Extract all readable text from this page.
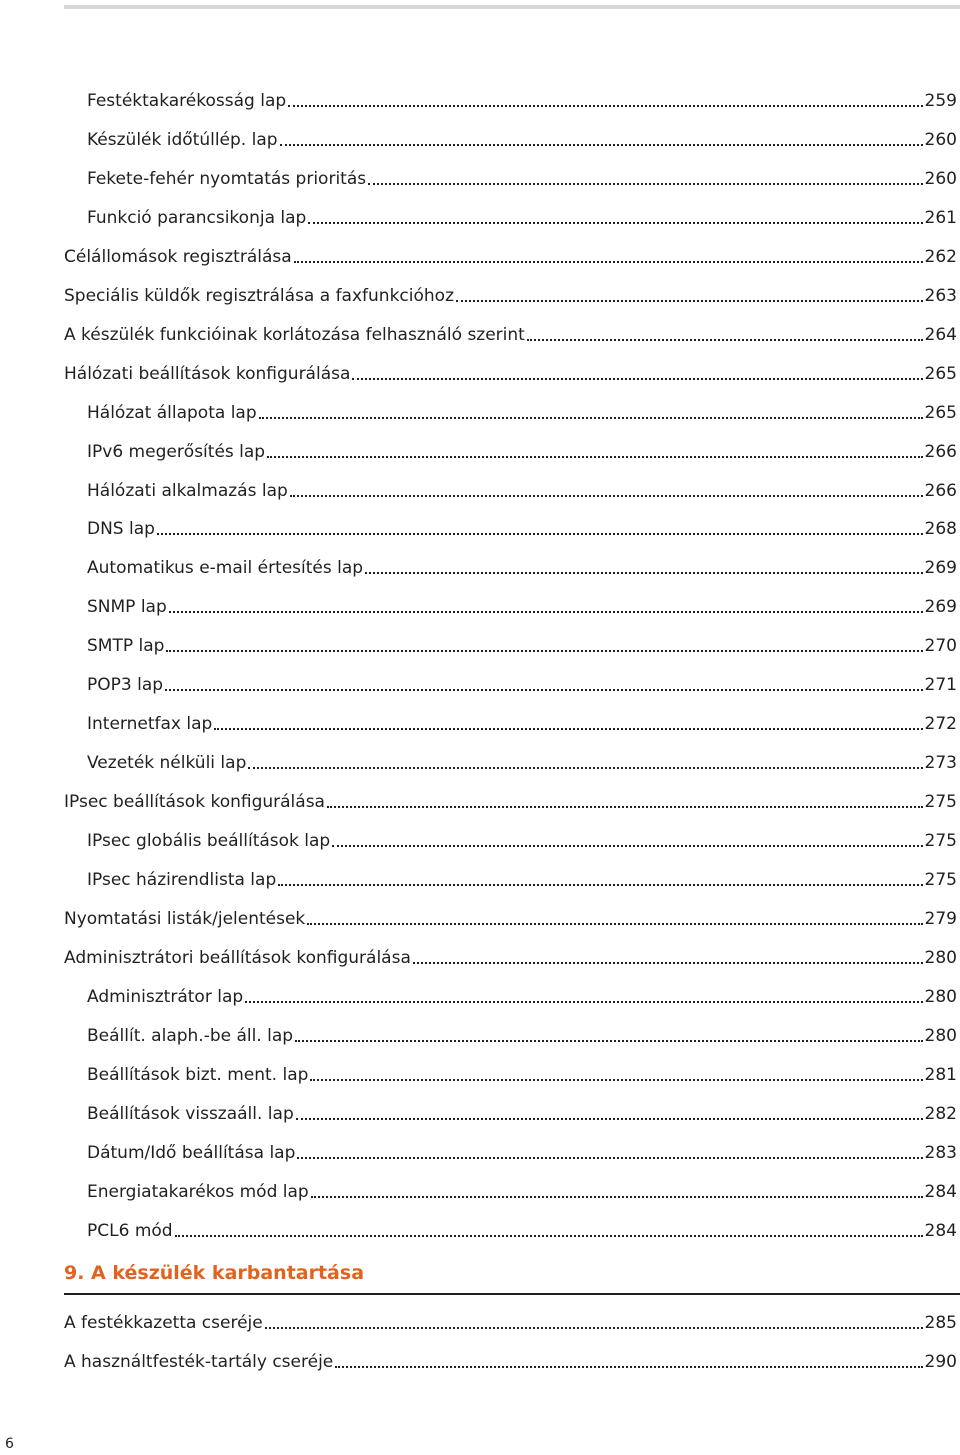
Festéktakarékosság lap	259
Készülék időtúllép. lap	260
Fekete-fehér nyomtatás prioritás	260
Funkció parancsikonja lap	261
Célállomások regisztrálása	262
Speciális küldők regisztrálása a faxfunkcióhoz	263
A készülék funkcióinak korlátozása felhasználó szerint	264
Hálózati beállítások konfigurálása	265
Hálózat állapota lap	265
IPv6 megerősítés lap	266
Hálózati alkalmazás lap	266
DNS lap	268
Automatikus e-mail értesítés lap	269
SNMP lap	269
SMTP lap	270
POP3 lap	271
Internetfax lap	272
Vezeték nélküli lap	273
IPsec beállítások konfigurálása	275
IPsec globális beállítások lap	275
IPsec házirendlista lap	275
Nyomtatási listák/jelentések	279
Adminisztrátori beállítások konfigurálása	280
Adminisztrátor lap	280
Beállít. alaph.-be áll. lap	280
Beállítások bizt. ment. lap	281
Beállítások visszaáll. lap	282
Dátum/Idő beállítása lap	283
Energiatakarékos mód lap	284
PCL6 mód	284
9. A készülék karbantartása
A festékkazetta cseréje	285
A használtfesték-tartály cseréje	290
6
